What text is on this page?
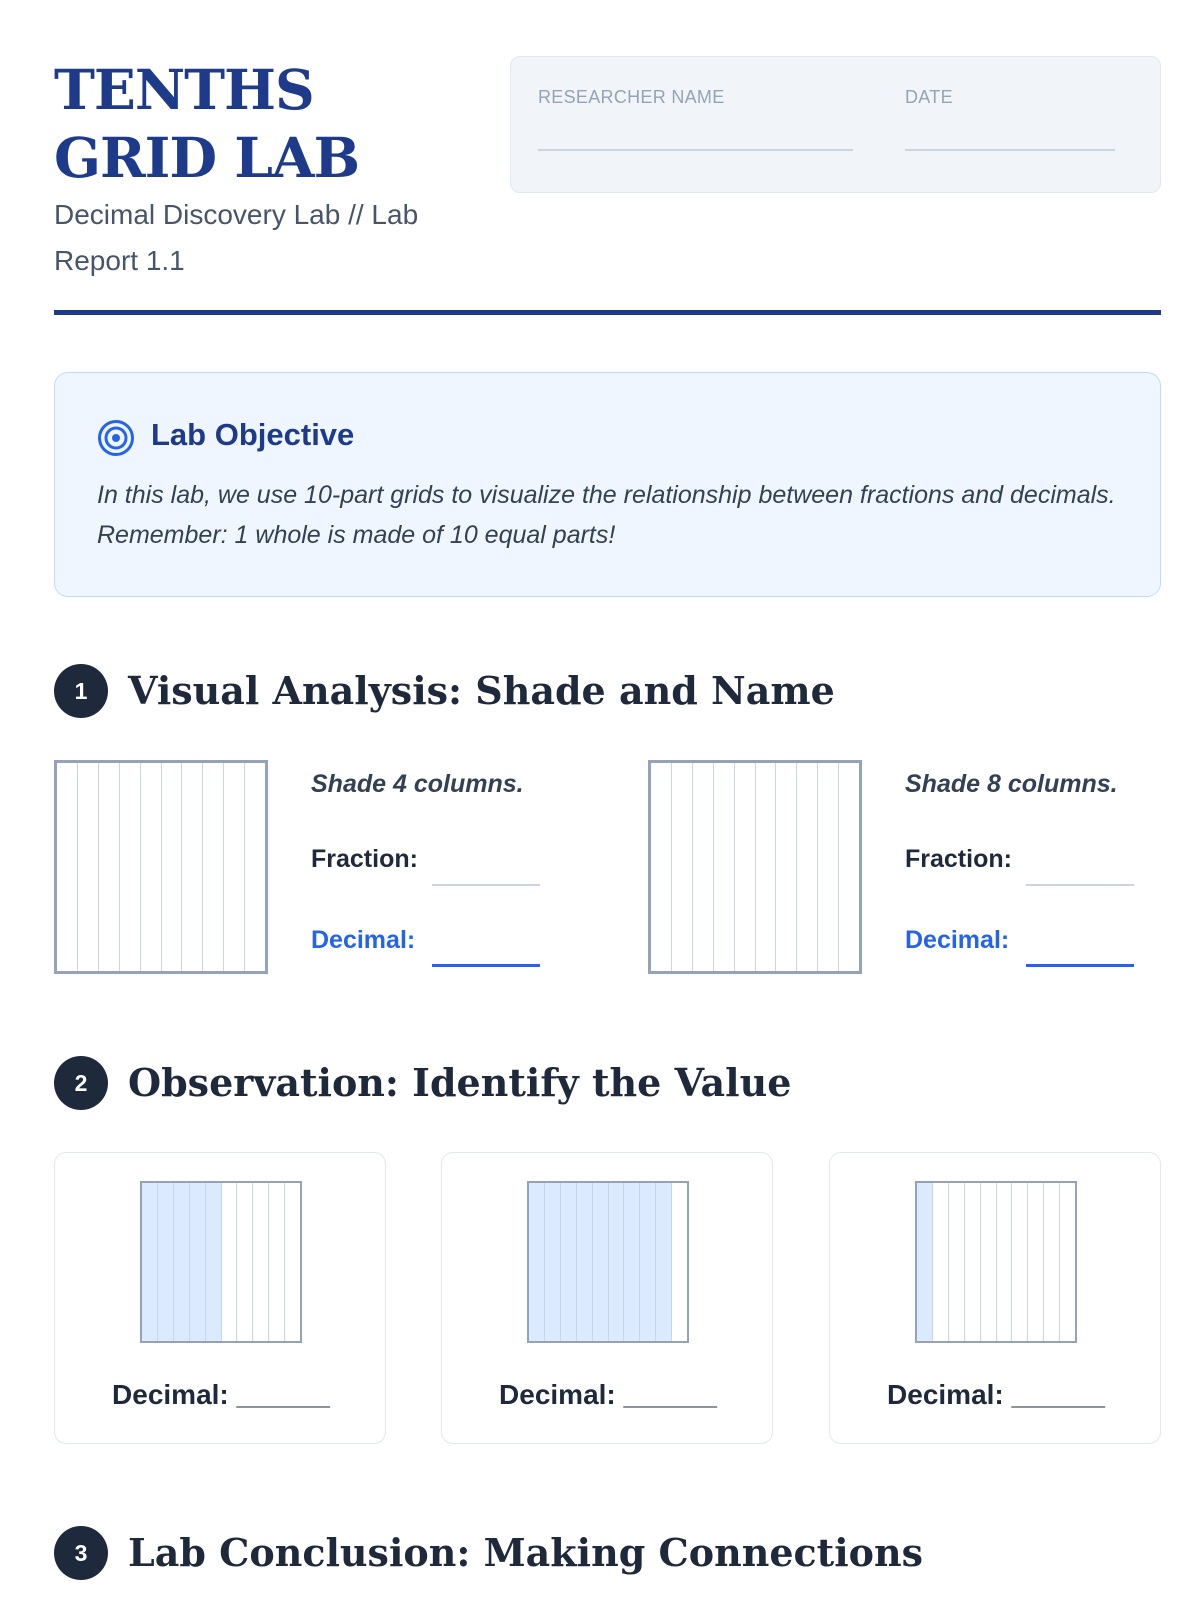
TENTHS GRID LAB
Decimal Discovery Lab // Lab Report 1.1
RESEARCHER NAME	DATE
Lab Objective
In this lab, we use 10-part grids to visualize the relationship between fractions and decimals. Remember: 1 whole is made of 10 equal parts!
1	Visual Analysis: Shade and Name
Shade 4 columns.
Fraction:
Decimal:
Shade 8 columns.
Fraction:
Decimal:
2	Observation: Identify the Value
Decimal: ______	Decimal: ______	Decimal: ______
3	Lab Conclusion: Making Connections
